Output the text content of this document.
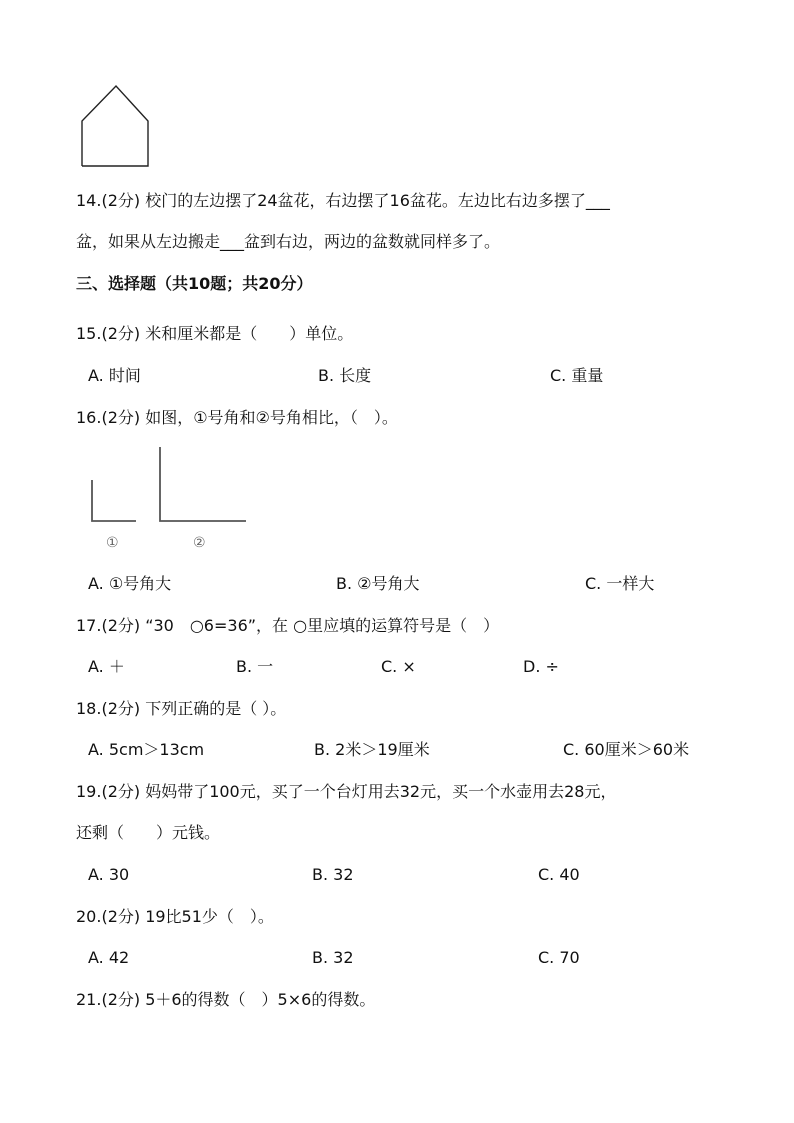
14.(2分) 校门的左边摆了24盆花，右边摆了16盆花。左边比右边多摆了___
盆，如果从左边搬走___盆到右边，两边的盆数就同样多了。
三、选择题（共10题；共20分）
15.(2分) 米和厘米都是（　　）单位。
A. 时间	B. 长度	C. 重量
16.(2分) 如图，①号角和②号角相比，（　）。
①	②
A. ①号角大	B. ②号角大	C. 一样大
17.(2分) “30　○6=36”，在 ○里应填的运算符号是（　）
A. ＋	B. 一	C. ×	D. ÷
18.(2分) 下列正确的是（ ）。
A. 5cm＞13cm	B. 2米＞19厘米	C. 60厘米＞60米
19.(2分) 妈妈带了100元，买了一个台灯用去32元，买一个水壶用去28元，
还剩（　　）元钱。
A. 30	B. 32	C. 40
20.(2分) 19比51少（　）。
A. 42	B. 32	C. 70
21.(2分) 5＋6的得数（　）5×6的得数。
